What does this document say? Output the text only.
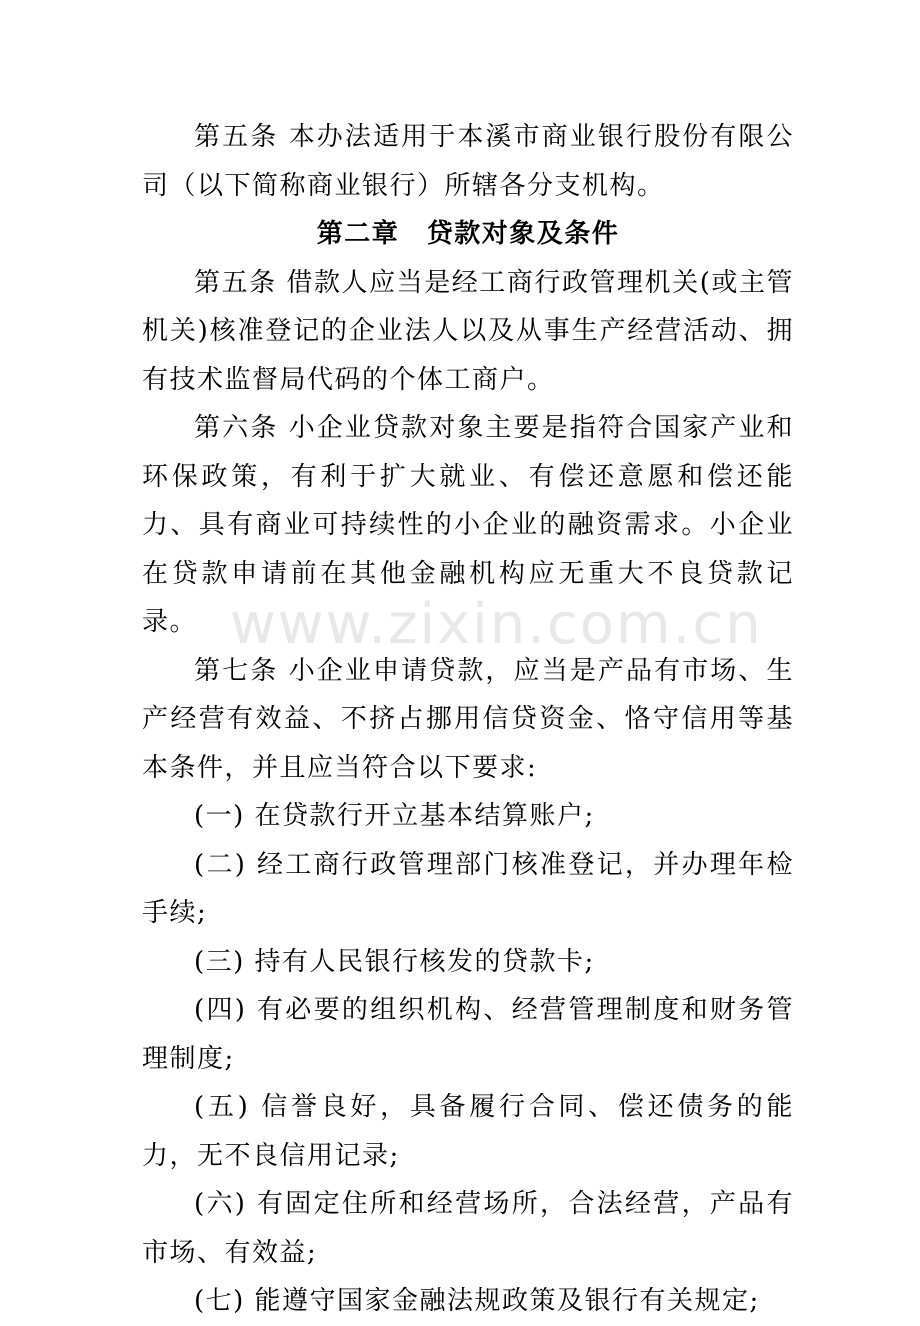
www.zixin.com.cn

第五条 本办法适用于本溪市商业银行股份有限公司（以下简称商业银行）所辖各分支机构。

第二章　贷款对象及条件

第五条 借款人应当是经工商行政管理机关(或主管机关)核准登记的企业法人以及从事生产经营活动、拥有技术监督局代码的个体工商户。

第六条 小企业贷款对象主要是指符合国家产业和环保政策，有利于扩大就业、有偿还意愿和偿还能力、具有商业可持续性的小企业的融资需求。小企业在贷款申请前在其他金融机构应无重大不良贷款记录。

第七条 小企业申请贷款，应当是产品有市场、生产经营有效益、不挤占挪用信贷资金、恪守信用等基本条件，并且应当符合以下要求:

(一) 在贷款行开立基本结算账户;

(二) 经工商行政管理部门核准登记，并办理年检手续;

(三) 持有人民银行核发的贷款卡;

(四) 有必要的组织机构、经营管理制度和财务管理制度;

(五) 信誉良好，具备履行合同、偿还债务的能力，无不良信用记录;

(六) 有固定住所和经营场所，合法经营，产品有市场、有效益;

(七) 能遵守国家金融法规政策及银行有关规定;
